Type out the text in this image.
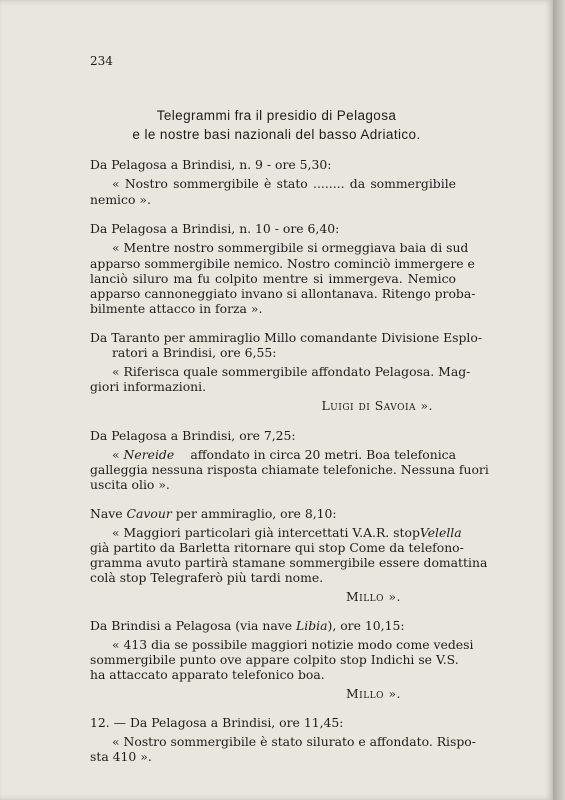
234
Telegrammi fra il presidio di Pelagosa
e le nostre basi nazionali del basso Adriatico.
Da Pelagosa a Brindisi, n. 9 - ore 5,30:
« Nostro sommergibile è stato ........ da sommergibile
nemico ».
Da Pelagosa a Brindisi, n. 10 - ore 6,40:
« Mentre nostro sommergibile si ormeggiava baia di sud
apparso sommergibile nemico. Nostro cominciò immergere e
lanciò siluro ma fu colpito mentre si immergeva. Nemico
apparso cannoneggiato invano si allontanava. Ritengo proba-
bilmente attacco in forza ».
Da Taranto per ammiraglio Millo comandante Divisione Esplo-
ratori a Brindisi, ore 6,55:
« Riferisca quale sommergibile affondato Pelagosa. Mag-
giori informazioni.
Luigi di Savoia ».
Da Pelagosa a Brindisi, ore 7,25:
« Nereide affondato in circa 20 metri. Boa telefonica
galleggia nessuna risposta chiamate telefoniche. Nessuna fuori
uscita olio ».
Nave Cavour per ammiraglio, ore 8,10:
« Maggiori particolari già intercettati V.A.R. stop Velella
già partito da Barletta ritornare qui stop Come da telefono-
gramma avuto partirà stamane sommergibile essere domattina
colà stop Telegraferò più tardi nome.
Millo ».
Da Brindisi a Pelagosa (via nave Libia), ore 10,15:
« 413 dia se possibile maggiori notizie modo come vedesi
sommergibile punto ove appare colpito stop Indichi se V.S.
ha attaccato apparato telefonico boa.
Millo ».
12. — Da Pelagosa a Brindisi, ore 11,45:
« Nostro sommergibile è stato silurato e affondato. Rispo-
sta 410 ».
